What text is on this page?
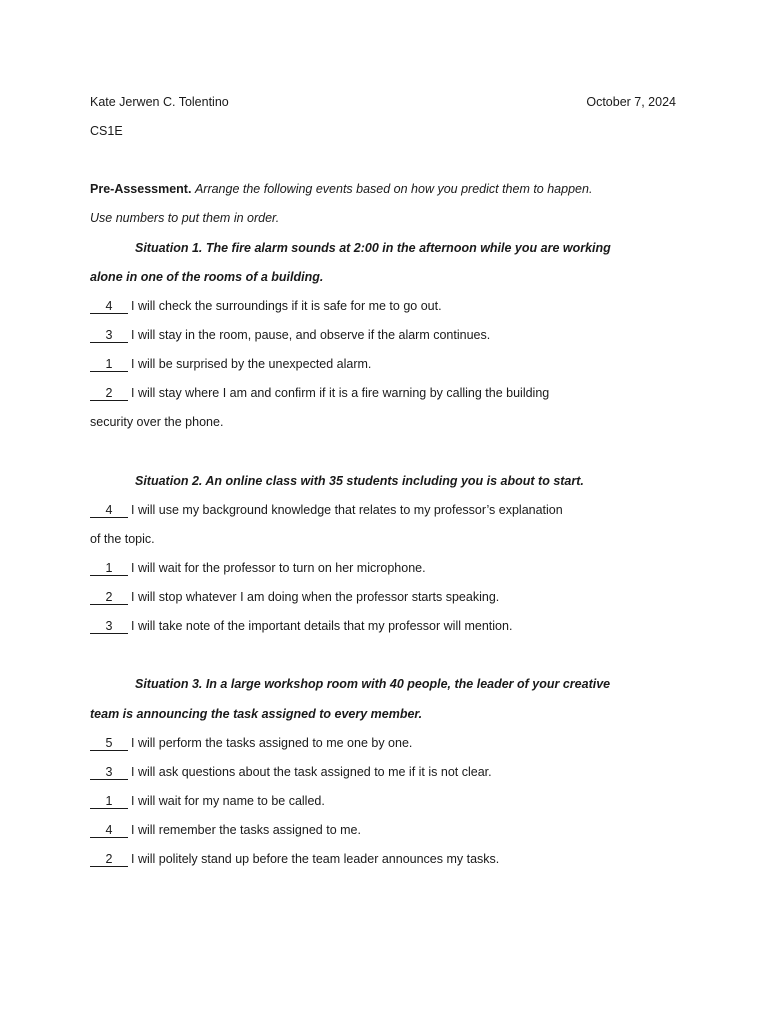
Kate Jerwen C. Tolentino	October 7, 2024
CS1E
Pre-Assessment. Arrange the following events based on how you predict them to happen.
Use numbers to put them in order.
Situation 1. The fire alarm sounds at 2:00 in the afternoon while you are working
alone in one of the rooms of a building.
4 I will check the surroundings if it is safe for me to go out.
3 I will stay in the room, pause, and observe if the alarm continues.
1 I will be surprised by the unexpected alarm.
2 I will stay where I am and confirm if it is a fire warning by calling the building
security over the phone.
Situation 2. An online class with 35 students including you is about to start.
4 I will use my background knowledge that relates to my professor’s explanation
of the topic.
1 I will wait for the professor to turn on her microphone.
2 I will stop whatever I am doing when the professor starts speaking.
3 I will take note of the important details that my professor will mention.
Situation 3. In a large workshop room with 40 people, the leader of your creative
team is announcing the task assigned to every member.
5 I will perform the tasks assigned to me one by one.
3 I will ask questions about the task assigned to me if it is not clear.
1 I will wait for my name to be called.
4 I will remember the tasks assigned to me.
2 I will politely stand up before the team leader announces my tasks.
